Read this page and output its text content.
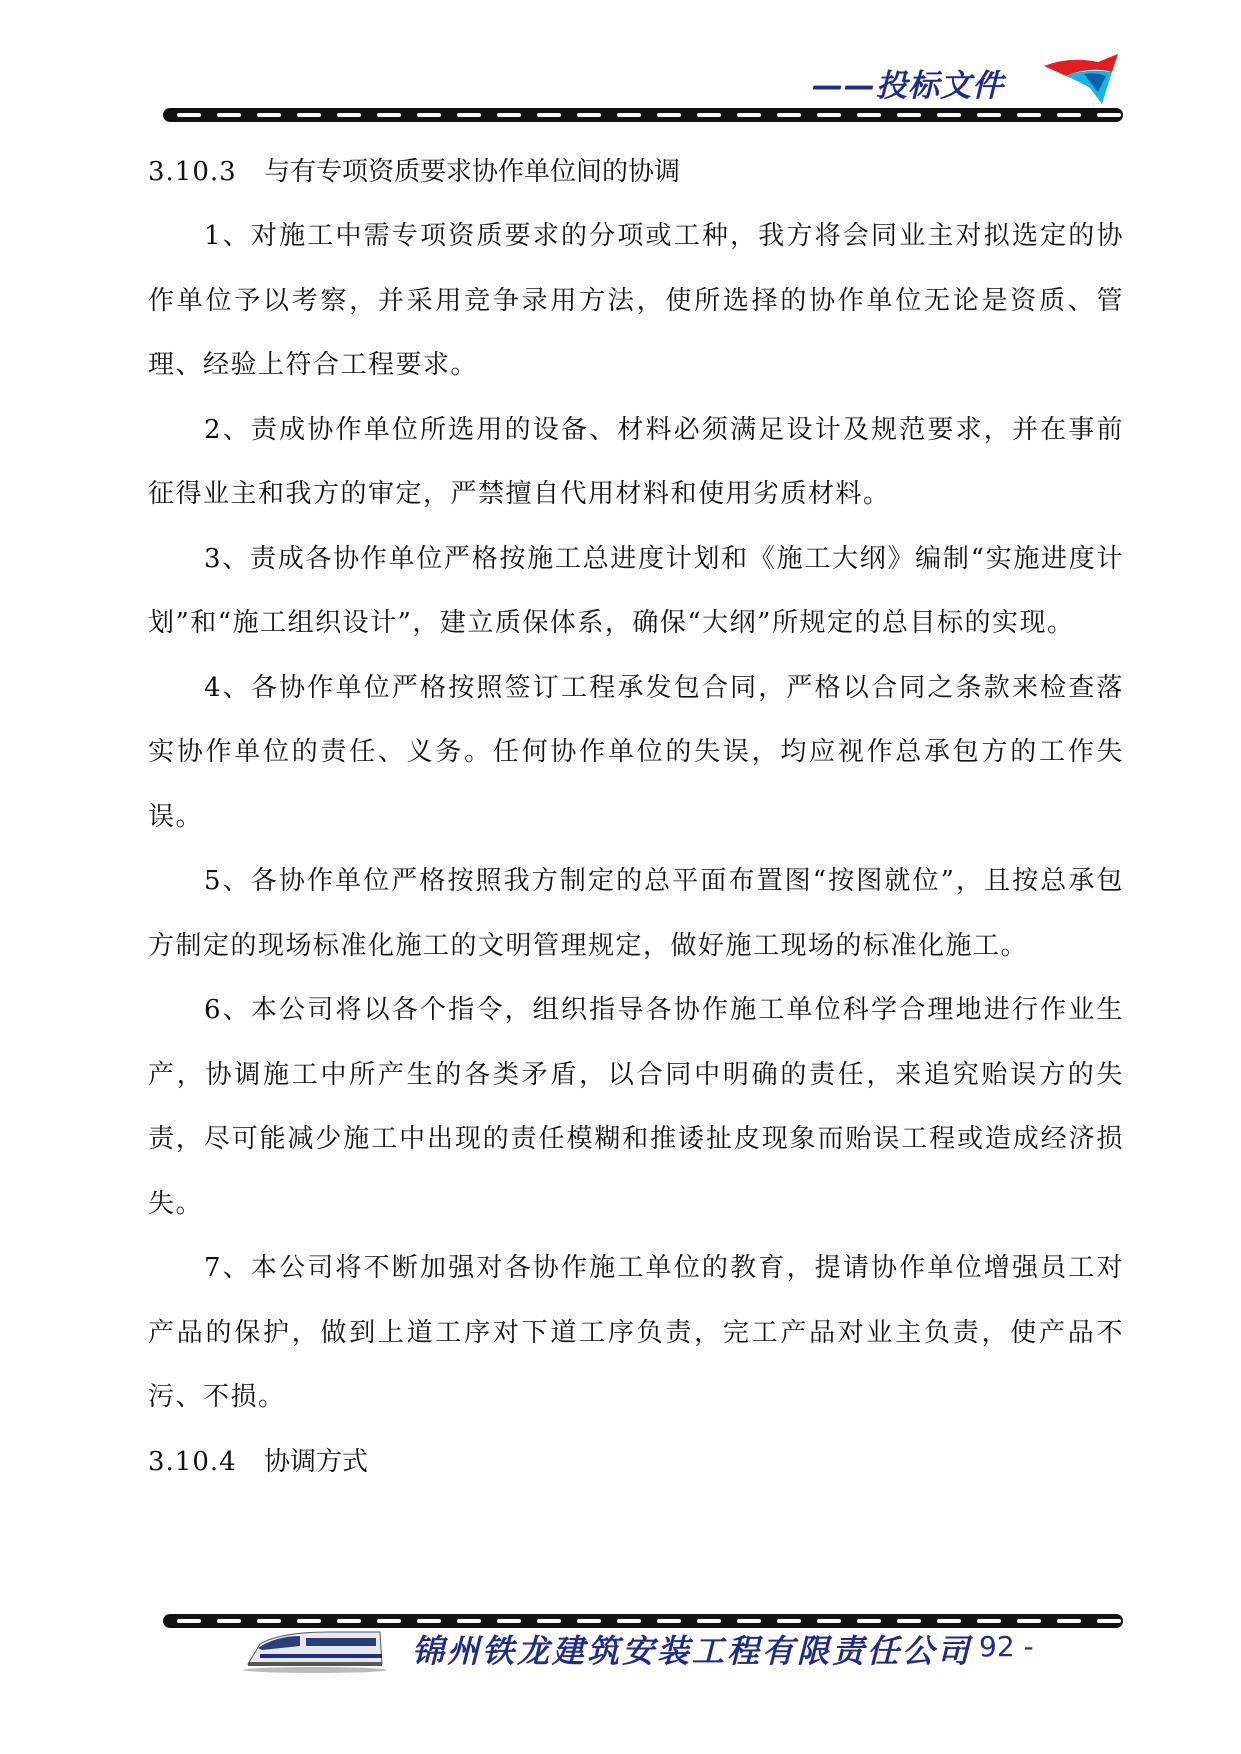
——投标文件
3.10.3 与有专项资质要求协作单位间的协调

1、对施工中需专项资质要求的分项或工种，我方将会同业主对拟选定的协作单位予以考察，并采用竞争录用方法，使所选择的协作单位无论是资质、管理、经验上符合工程要求。

2、责成协作单位所选用的设备、材料必须满足设计及规范要求，并在事前征得业主和我方的审定，严禁擅自代用材料和使用劣质材料。

3、责成各协作单位严格按施工总进度计划和《施工大纲》编制“实施进度计划”和“施工组织设计”，建立质保体系，确保“大纲”所规定的总目标的实现。

4、各协作单位严格按照签订工程承发包合同，严格以合同之条款来检查落实协作单位的责任、义务。任何协作单位的失误，均应视作总承包方的工作失误。

5、各协作单位严格按照我方制定的总平面布置图“按图就位”，且按总承包方制定的现场标准化施工的文明管理规定，做好施工现场的标准化施工。

6、本公司将以各个指令，组织指导各协作施工单位科学合理地进行作业生产，协调施工中所产生的各类矛盾，以合同中明确的责任，来追究贻误方的失责，尽可能减少施工中出现的责任模糊和推诿扯皮现象而贻误工程或造成经济损失。

7、本公司将不断加强对各协作施工单位的教育，提请协作单位增强员工对产品的保护，做到上道工序对下道工序负责，完工产品对业主负责，使产品不污、不损。

3.10.4 协调方式
锦州铁龙建筑安装工程有限责任公司
- 92 -
